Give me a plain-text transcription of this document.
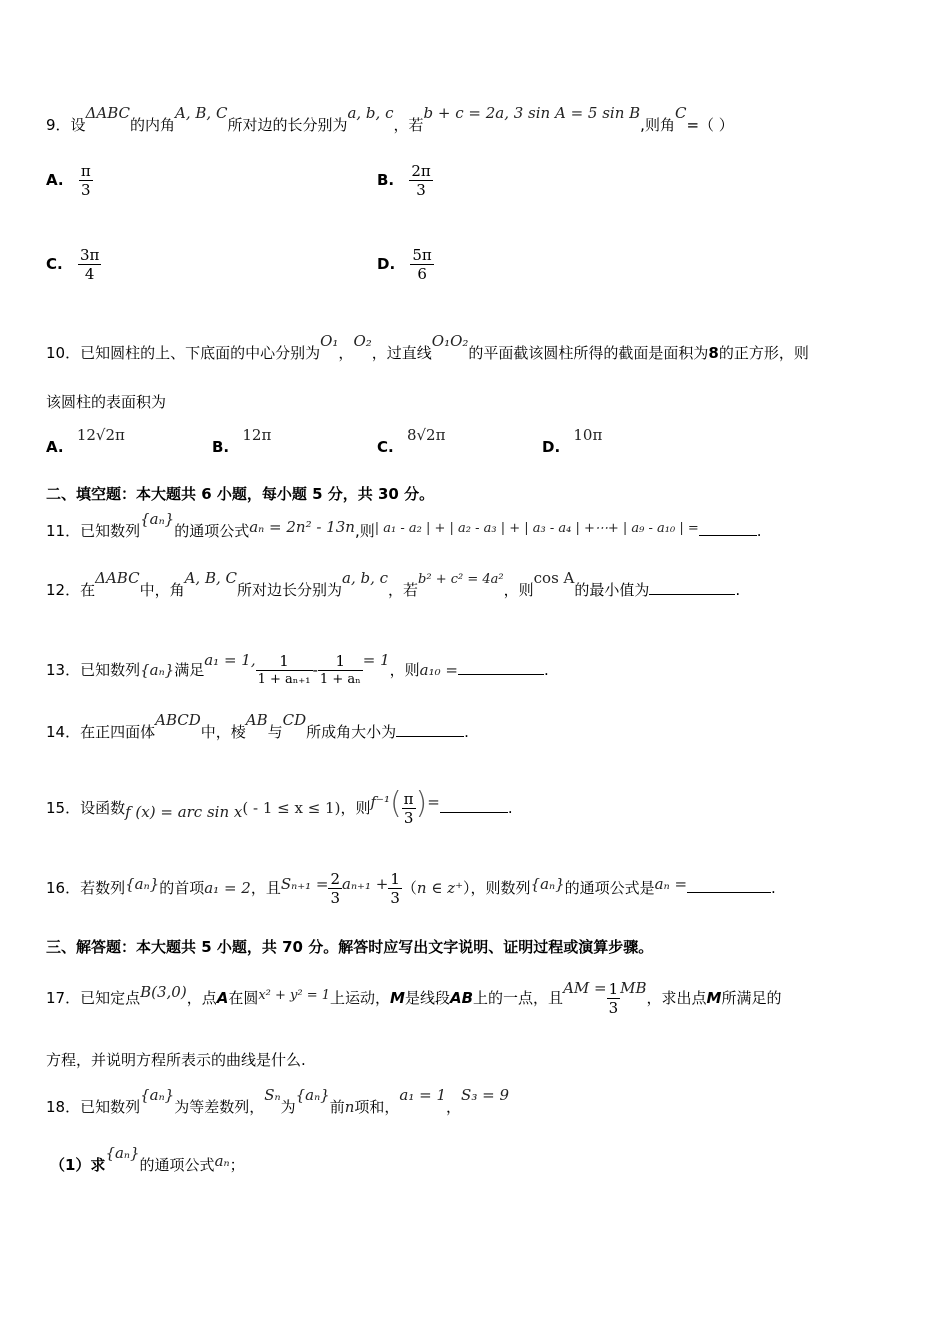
9．设ΔABC的内角A, B, C所对边的长分别为a, b, c，若b + c = 2a, 3 sin A = 5 sin B,则角C=（ ）
A. $\frac{\pi}{3}$	B. $\frac{2\pi}{3}$
C. $\frac{3\pi}{4}$	D. $\frac{5\pi}{6}$
10．已知圆柱的上、下底面的中心分别为O₁，O₂，过直线O₁O₂的平面截该圆柱所得的截面是面积为8的正方形，则
该圆柱的表面积为
A. 12√2π
B. 12π
C. 8√2π
D. 10π
二、填空题：本大题共 6 小题，每小题 5 分，共 30 分。
11．已知数列{aₙ}的通项公式aₙ = 2n² - 13n,则| a₁ - a₂ | + | a₂ - a₃ | + | a₃ - a₄ | +⋯+ | a₉ - a₁₀ | =	.
12．在ΔABC中，角A, B, C所对边长分别为a, b, c，若b² + c² = 4a²，则cos A的最小值为	.
13．已知数列{aₙ}满足a₁ = 1, $\frac{1}{\text{1 + aₙ₊₁}} - \frac{1}{\text{1 + aₙ}} = 1$，则a₁₀ =	.
14．在正四面体ABCD中，棱AB与CD所成角大小为	.
15．设函数f (x) = arc sin x( - 1 ≤ x ≤ 1)，则$f^{-1}( \frac{\pi}{3}$ )=	.
16．若数列{aₙ}的首项a₁ = 2，且$S_{n+1} = \frac{2}{3} a_{n+1} + \frac{1}{3} (n$ ∈ z⁺），则数列{aₙ}的通项公式是aₙ =	.
三、解答题：本大题共 5 小题，共 70 分。解答时应写出文字说明、证明过程或演算步骤。
17．已知定点B(3,0)，点A在圆x² + y² = 1上运动，M是线段AB上的一点，且AM = $\frac{1}{3}$ MB，求出点M所满足的
方程，并说明方程所表示的曲线是什么.
18．已知数列{aₙ}为等差数列，Sₙ为{aₙ}前n项和，a₁ = 1，S₃ = 9
（1）求{aₙ}的通项公式aₙ；
